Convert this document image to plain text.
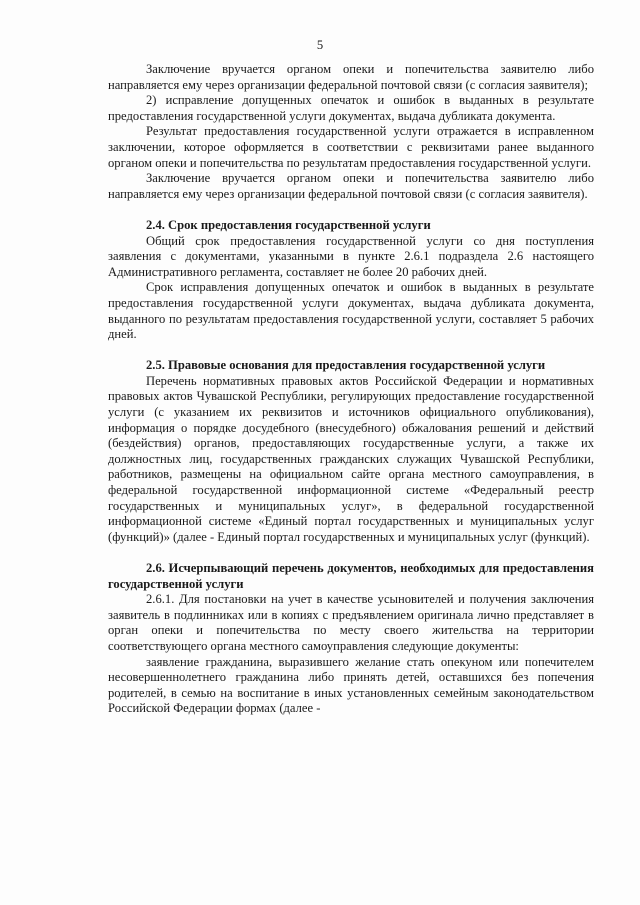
5

Заключение вручается органом опеки и попечительства заявителю либо направляется ему через организации федеральной почтовой связи (с согласия заявителя);

2) исправление допущенных опечаток и ошибок в выданных в результате предоставления государственной услуги документах, выдача дубликата документа.

Результат предоставления государственной услуги отражается в исправленном заключении, которое оформляется в соответствии с реквизитами ранее выданного органом опеки и попечительства по результатам предоставления государственной услуги.

Заключение вручается органом опеки и попечительства заявителю либо направляется ему через организации федеральной почтовой связи (с согласия заявителя).

2.4. Срок предоставления государственной услуги

Общий срок предоставления государственной услуги со дня поступления заявления с документами, указанными в пункте 2.6.1 подраздела 2.6 настоящего Административного регламента, составляет не более 20 рабочих дней.

Срок исправления допущенных опечаток и ошибок в выданных в результате предоставления государственной услуги документах, выдача дубликата документа, выданного по результатам предоставления государственной услуги, составляет 5 рабочих дней.

2.5. Правовые основания для предоставления государственной услуги

Перечень нормативных правовых актов Российской Федерации и нормативных правовых актов Чувашской Республики, регулирующих предоставление государственной услуги (с указанием их реквизитов и источников официального опубликования), информация о порядке досудебного (внесудебного) обжалования решений и действий (бездействия) органов, предоставляющих государственные услуги, а также их должностных лиц, государственных гражданских служащих Чувашской Республики, работников, размещены на официальном сайте органа местного самоуправления, в федеральной государственной информационной системе «Федеральный реестр государственных и муниципальных услуг», в федеральной государственной информационной системе «Единый портал государственных и муниципальных услуг (функций)» (далее - Единый портал государственных и муниципальных услуг (функций).

2.6. Исчерпывающий перечень документов, необходимых для предоставления государственной услуги

2.6.1. Для постановки на учет в качестве усыновителей и получения заключения заявитель в подлинниках или в копиях с предъявлением оригинала лично представляет в орган опеки и попечительства по месту своего жительства на территории соответствующего органа местного самоуправления следующие документы:

заявление гражданина, выразившего желание стать опекуном или попечителем несовершеннолетнего гражданина либо принять детей, оставшихся без попечения родителей, в семью на воспитание в иных установленных семейным законодательством Российской Федерации формах (далее -
